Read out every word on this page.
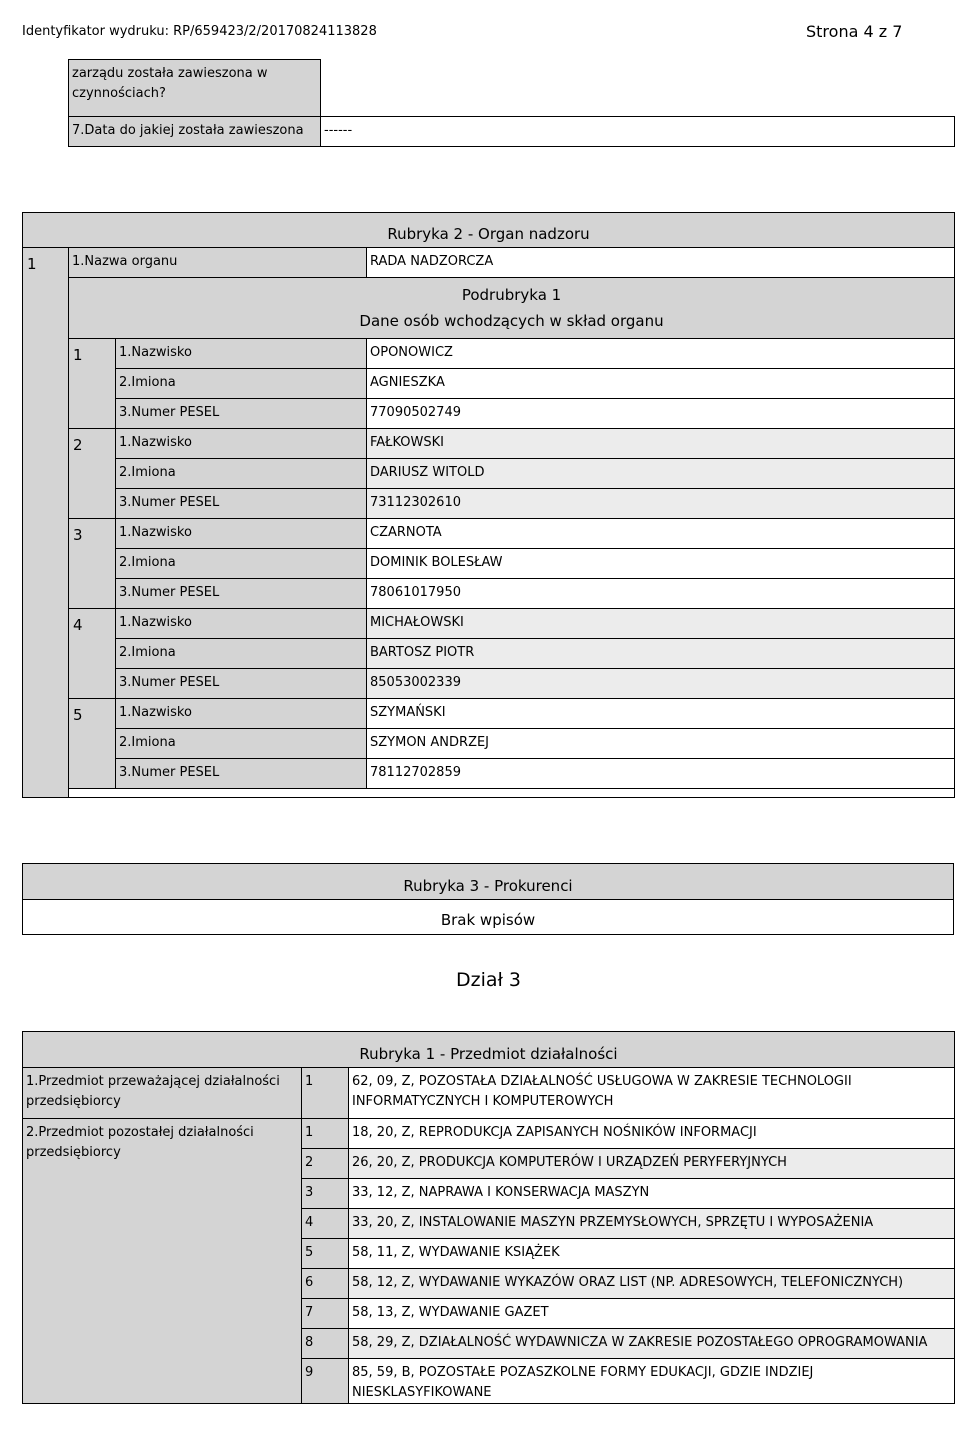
Identyfikator wydruku: RP/659423/2/20170824113828	Strona 4 z 7
zarządu została zawieszona w czynnościach?	
7.Data do jakiej została zawieszona	------
Rubryka 2 - Organ nadzoru			
1	1.Nazwa organu		RADA NADZORCZA

	Podrubryka 1
Dane osób wchodzących w skład organu		

	1	1.Nazwisko	OPONOWICZ
		2.Imiona	AGNIESZKA
		3.Numer PESEL	77090502749
	2	1.Nazwisko	FAŁKOWSKI
		2.Imiona	DARIUSZ WITOLD
		3.Numer PESEL	73112302610
	3	1.Nazwisko	CZARNOTA
		2.Imiona	DOMINIK BOLESŁAW
		3.Numer PESEL	78061017950
	4	1.Nazwisko	MICHAŁOWSKI
		2.Imiona	BARTOSZ PIOTR
		3.Numer PESEL	85053002339
	5	1.Nazwisko	SZYMAŃSKI
		2.Imiona	SZYMON ANDRZEJ
		3.Numer PESEL	78112702859

Rubryka 3 - Prokurenci
Brak wpisów
Dział 3
Rubryka 1 - Przedmiot działalności		
1.Przedmiot przeważającej działalności przedsiębiorcy	1	62, 09, Z, POZOSTAŁA DZIAŁALNOŚĆ USŁUGOWA W ZAKRESIE TECHNOLOGII INFORMATYCZNYCH I KOMPUTEROWYCH
2.Przedmiot pozostałej działalności przedsiębiorcy	1	18, 20, Z, REPRODUKCJA ZAPISANYCH NOŚNIKÓW INFORMACJI
	2	26, 20, Z, PRODUKCJA KOMPUTERÓW I URZĄDZEŃ PERYFERYJNYCH
	3	33, 12, Z, NAPRAWA I KONSERWACJA MASZYN
	4	33, 20, Z, INSTALOWANIE MASZYN PRZEMYSŁOWYCH, SPRZĘTU I WYPOSAŻENIA
	5	58, 11, Z, WYDAWANIE KSIĄŻEK
	6	58, 12, Z, WYDAWANIE WYKAZÓW ORAZ LIST (NP. ADRESOWYCH, TELEFONICZNYCH)
	7	58, 13, Z, WYDAWANIE GAZET
	8	58, 29, Z, DZIAŁALNOŚĆ WYDAWNICZA W ZAKRESIE POZOSTAŁEGO OPROGRAMOWANIA
	9	85, 59, B, POZOSTAŁE POZASZKOLNE FORMY EDUKACJI, GDZIE INDZIEJ NIESKLASYFIKOWANE
